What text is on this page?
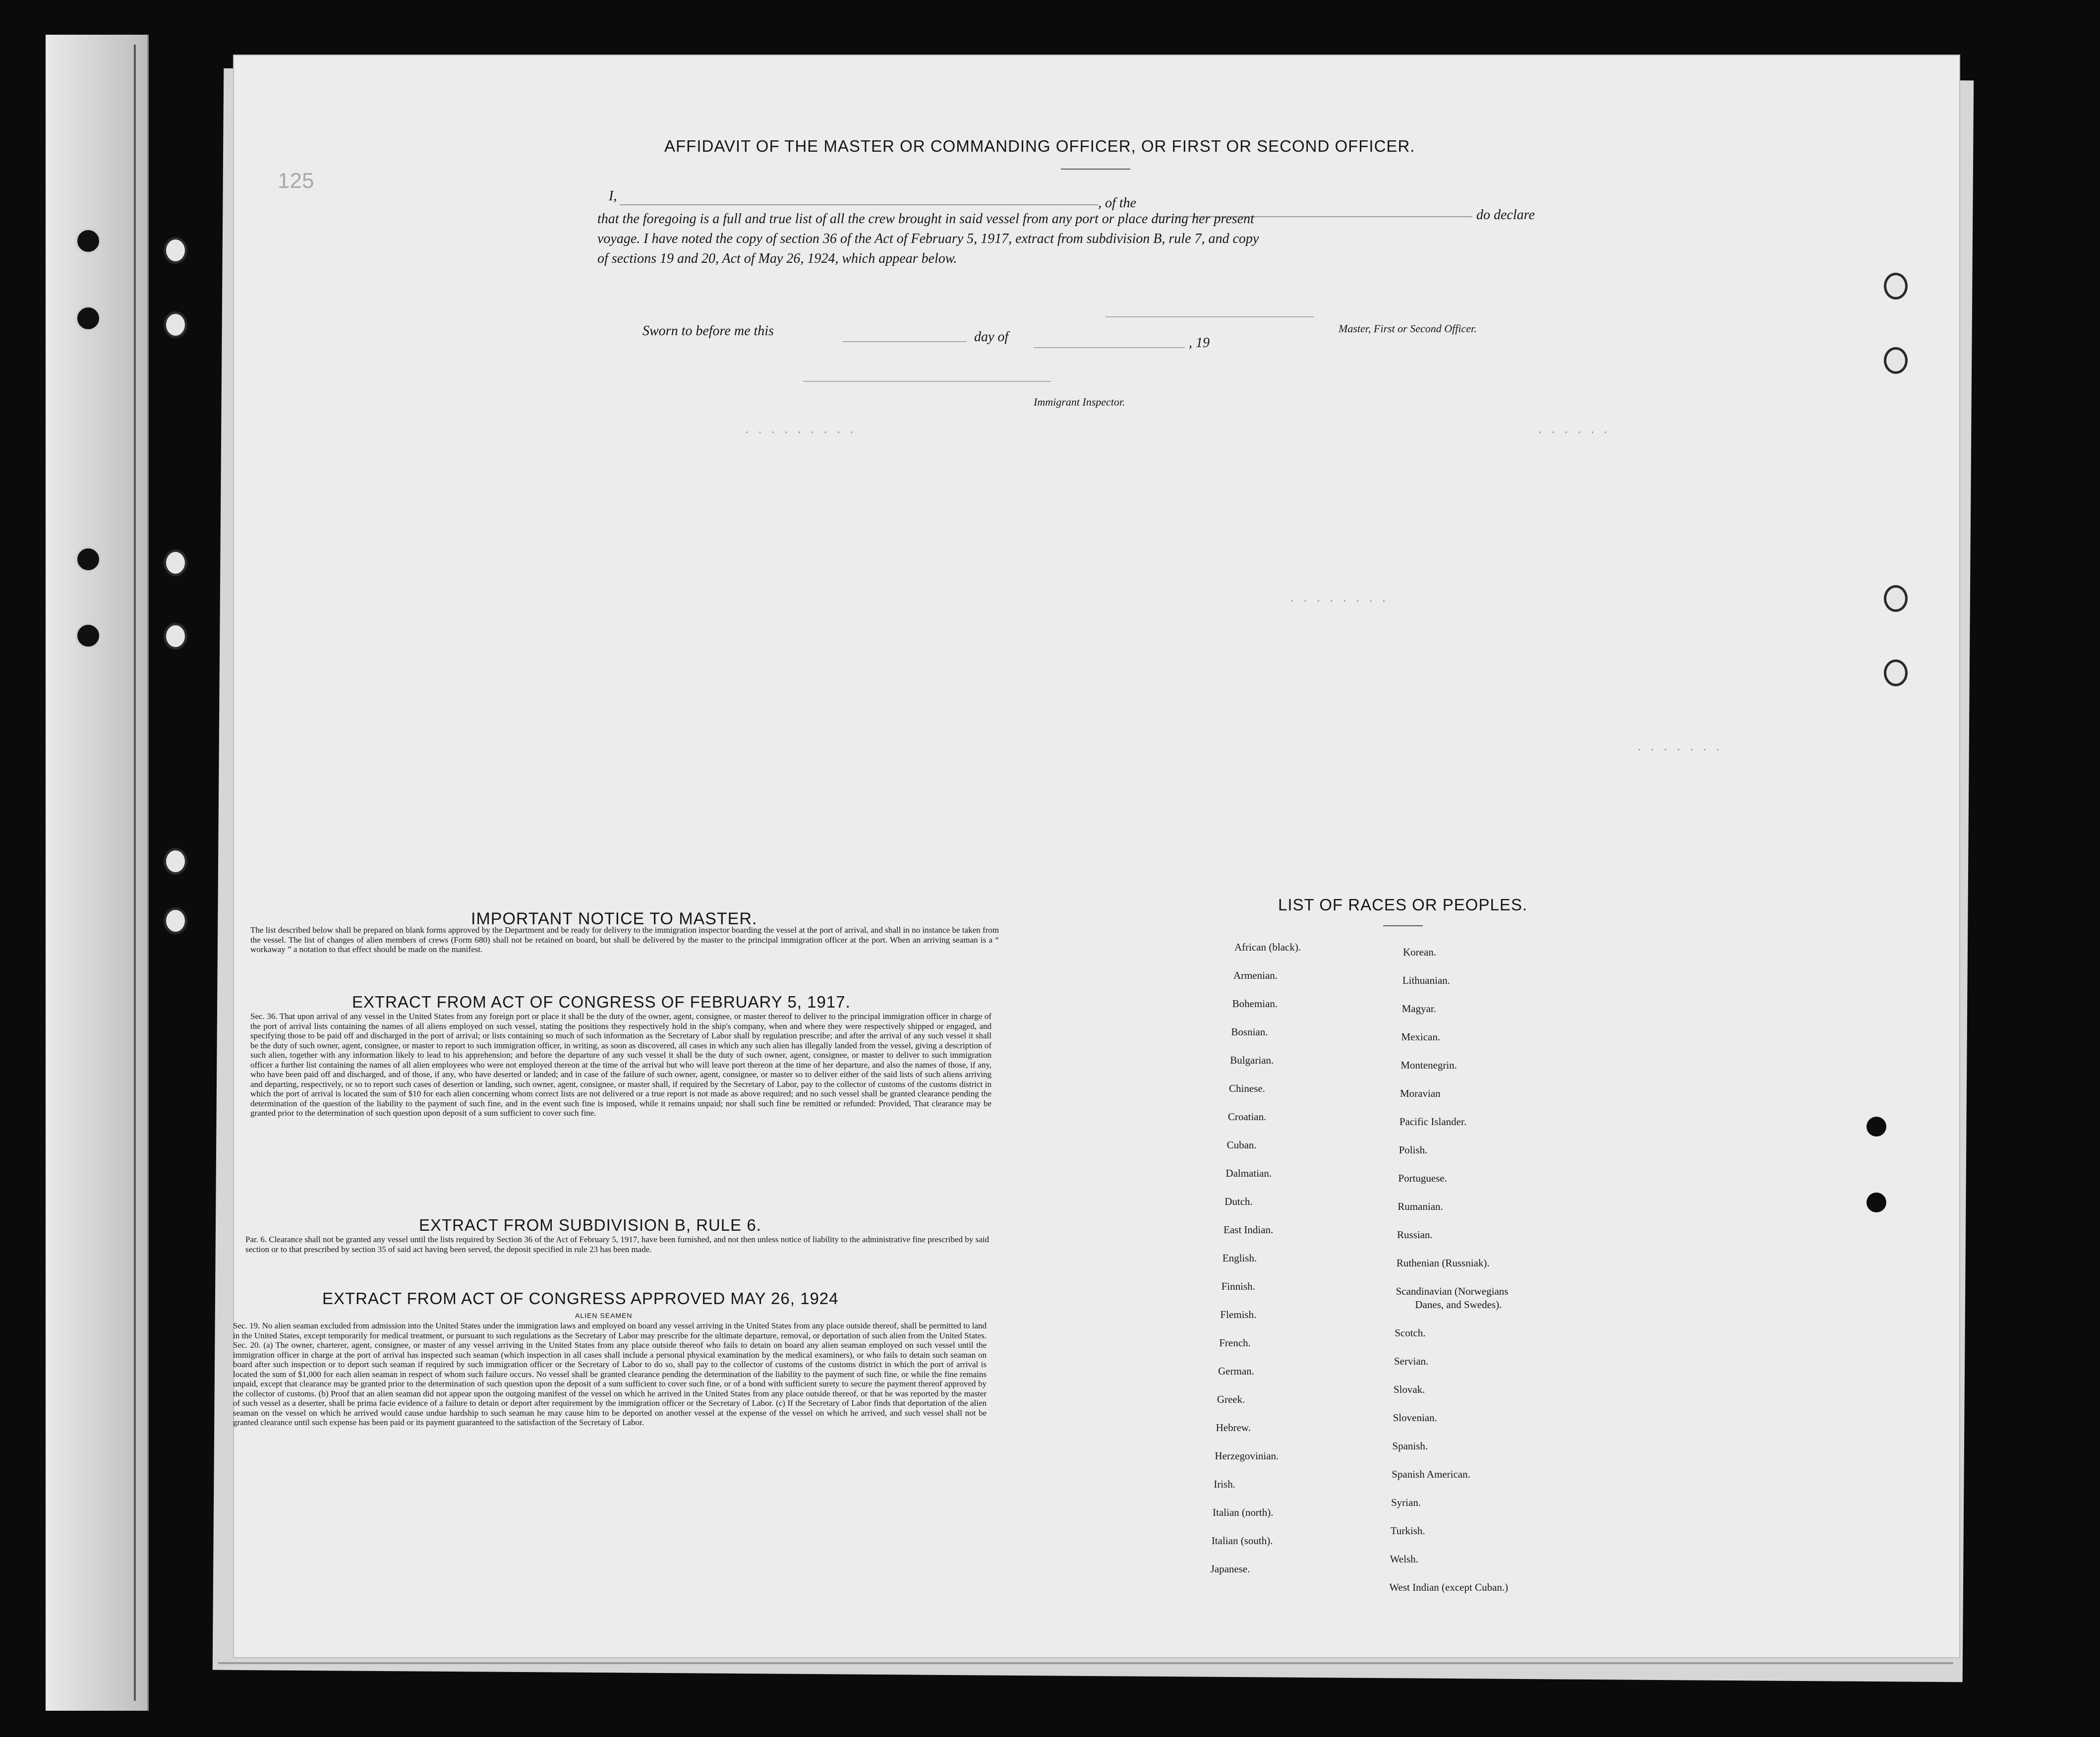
· · · · · · · · ·	· · · · · ·
· · · · · · · ·
· · · · · · ·
AFFIDAVIT OF THE MASTER OR COMMANDING OFFICER, OR FIRST OR SECOND OFFICER.
125
I,	, of the
do declare
that the foregoing is a full and true list of all the crew brought in said vessel from any port or place during her present
voyage. I have noted the copy of section 36 of the Act of February 5, 1917, extract from subdivision B, rule 7, and copy
of sections 19 and 20, Act of May 26, 1924, which appear below.
Sworn to before me this	day of	, 19
Master, First or Second Officer.
Immigrant Inspector.
IMPORTANT NOTICE TO MASTER.
The list described below shall be prepared on blank forms approved by the Department and be ready for delivery to the immigration inspector boarding the vessel at the port of arrival, and shall in no instance be taken from the vessel. The list of changes of alien members of crews (Form 680) shall not be retained on board, but shall be delivered by the master to the principal immigration officer at the port. When an arriving seaman is a “ workaway ” a notation to that effect should be made on the manifest.
EXTRACT FROM ACT OF CONGRESS OF FEBRUARY 5, 1917.
Sec. 36. That upon arrival of any vessel in the United States from any foreign port or place it shall be the duty of the owner, agent, consignee, or master thereof to deliver to the principal immigration officer in charge of the port of arrival lists containing the names of all aliens employed on such vessel, stating the positions they respectively hold in the ship's company, when and where they were respectively shipped or engaged, and specifying those to be paid off and discharged in the port of arrival; or lists containing so much of such information as the Secretary of Labor shall by regulation prescribe; and after the arrival of any such vessel it shall be the duty of such owner, agent, consignee, or master to report to such immigration officer, in writing, as soon as discovered, all cases in which any such alien has illegally landed from the vessel, giving a description of such alien, together with any information likely to lead to his apprehension; and before the departure of any such vessel it shall be the duty of such owner, agent, consignee, or master to deliver to such immigration officer a further list containing the names of all alien employees who were not employed thereon at the time of the arrival but who will leave port thereon at the time of her departure, and also the names of those, if any, who have been paid off and discharged, and of those, if any, who have deserted or landed; and in case of the failure of such owner, agent, consignee, or master so to deliver either of the said lists of such aliens arriving and departing, respectively, or so to report such cases of desertion or landing, such owner, agent, consignee, or master shall, if required by the Secretary of Labor, pay to the collector of customs of the customs district in which the port of arrival is located the sum of $10 for each alien concerning whom correct lists are not delivered or a true report is not made as above required; and no such vessel shall be granted clearance pending the determination of the question of the liability to the payment of such fine, and in the event such fine is imposed, while it remains unpaid; nor shall such fine be remitted or refunded: Provided, That clearance may be granted prior to the determination of such question upon deposit of a sum sufficient to cover such fine.
EXTRACT FROM SUBDIVISION B, RULE 6.
Par. 6. Clearance shall not be granted any vessel until the lists required by Section 36 of the Act of February 5, 1917, have been furnished, and not then unless notice of liability to the administrative fine prescribed by said section or to that prescribed by section 35 of said act having been served, the deposit specified in rule 23 has been made.
EXTRACT FROM ACT OF CONGRESS APPROVED MAY 26, 1924
ALIEN SEAMEN
Sec. 19. No alien seaman excluded from admission into the United States under the immigration laws and employed on board any vessel arriving in the United States from any place outside thereof, shall be permitted to land in the United States, except temporarily for medical treatment, or pursuant to such regulations as the Secretary of Labor may prescribe for the ultimate departure, removal, or deportation of such alien from the United States. Sec. 20. (a) The owner, charterer, agent, consignee, or master of any vessel arriving in the United States from any place outside thereof who fails to detain on board any alien seaman employed on such vessel until the immigration officer in charge at the port of arrival has inspected such seaman (which inspection in all cases shall include a personal physical examination by the medical examiners), or who fails to detain such seaman on board after such inspection or to deport such seaman if required by such immigration officer or the Secretary of Labor to do so, shall pay to the collector of customs of the customs district in which the port of arrival is located the sum of $1,000 for each alien seaman in respect of whom such failure occurs. No vessel shall be granted clearance pending the determination of the liability to the payment of such fine, or while the fine remains unpaid, except that clearance may be granted prior to the determination of such question upon the deposit of a sum sufficient to cover such fine, or of a bond with sufficient surety to secure the payment thereof approved by the collector of customs. (b) Proof that an alien seaman did not appear upon the outgoing manifest of the vessel on which he arrived in the United States from any place outside thereof, or that he was reported by the master of such vessel as a deserter, shall be prima facie evidence of a failure to detain or deport after requirement by the immigration officer or the Secretary of Labor. (c) If the Secretary of Labor finds that deportation of the alien seaman on the vessel on which he arrived would cause undue hardship to such seaman he may cause him to be deported on another vessel at the expense of the vessel on which he arrived, and such vessel shall not be granted clearance until such expense has been paid or its payment guaranteed to the satisfaction of the Secretary of Labor.
LIST OF RACES OR PEOPLES.
African (black).
Armenian.
Bohemian.
Bosnian.
Bulgarian.
Chinese.
Croatian.
Cuban.
Dalmatian.
Dutch.
East Indian.
English.
Finnish.
Flemish.
French.
German.
Greek.
Hebrew.
Herzegovinian.
Irish.
Italian (north).
Italian (south).
Japanese.
Korean.
Lithuanian.
Magyar.
Mexican.
Montenegrin.
Moravian
Pacific Islander.
Polish.
Portuguese.
Rumanian.
Russian.
Ruthenian (Russniak).
Scandinavian (Norwegians
Danes, and Swedes).
Scotch.
Servian.
Slovak.
Slovenian.
Spanish.
Spanish American.
Syrian.
Turkish.
Welsh.
West Indian (except Cuban.)
